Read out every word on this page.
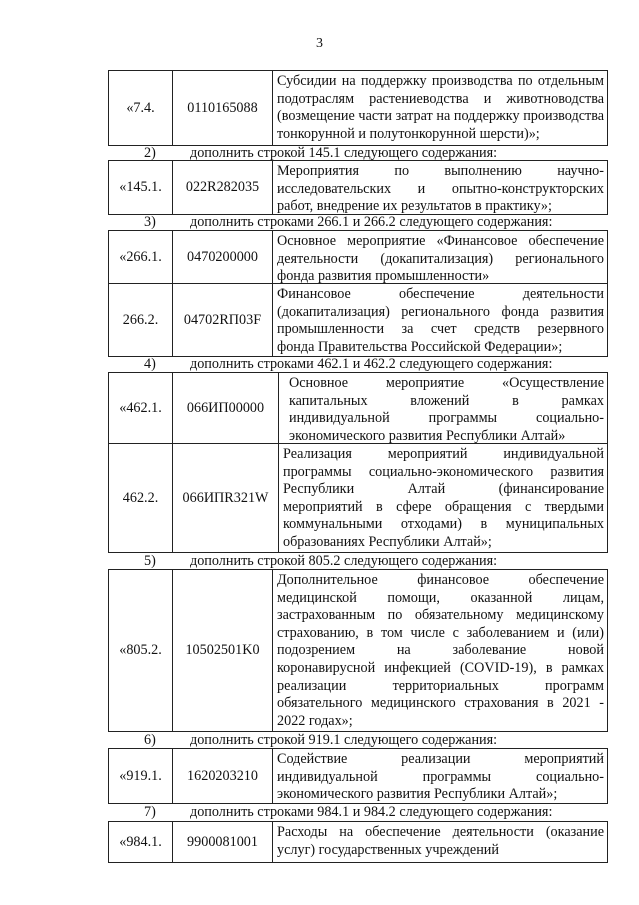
3
«7.4.	0110165088
Субсидии на поддержку производства по отдельным
подотраслям растениеводства и животноводства
(возмещение части затрат на поддержку производства
тонкорунной и полутонкорунной шерсти)»;
2) дополнить строкой 145.1 следующего содержания:
«145.1.	022R282035
Мероприятия по выполнению научно-
исследовательских и опытно-конструкторских
работ, внедрение их результатов в практику»;
3) дополнить строками 266.1 и 266.2 следующего содержания:
«266.1.	0470200000
Основное мероприятие «Финансовое обеспечение
деятельности (докапитализация) регионального
фонда развития промышленности»
266.2.	04702RП03F
Финансовое обеспечение деятельности
(докапитализация) регионального фонда развития
промышленности за счет средств резервного
фонда Правительства Российской Федерации»;
4) дополнить строками 462.1 и 462.2 следующего содержания:
«462.1.	066ИП00000
Основное мероприятие «Осуществление
капитальных вложений в рамках
индивидуальной программы социально-
экономического развития Республики Алтай»
462.2.	066ИПR321W
Реализация мероприятий индивидуальной
программы социально-экономического развития
Республики Алтай (финансирование
мероприятий в сфере обращения с твердыми
коммунальными отходами) в муниципальных
образованиях Республики Алтай»;
5) дополнить строкой 805.2 следующего содержания:
«805.2.	10502501K0
Дополнительное финансовое обеспечение
медицинской помощи, оказанной лицам,
застрахованным по обязательному медицинскому
страхованию, в том числе с заболеванием и (или)
подозрением на заболевание новой
коронавирусной инфекцией (COVID-19), в рамках
реализации территориальных программ
обязательного медицинского страхования в 2021 -
2022 годах»;
6) дополнить строкой 919.1 следующего содержания:
«919.1.	1620203210
Содействие реализации мероприятий
индивидуальной программы социально-
экономического развития Республики Алтай»;
7) дополнить строками 984.1 и 984.2 следующего содержания:
«984.1.	9900081001
Расходы на обеспечение деятельности (оказание
услуг) государственных учреждений
